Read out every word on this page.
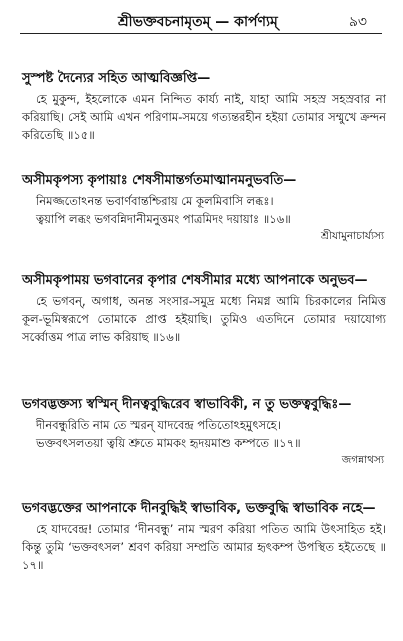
শ্রীভক্তবচনামৃতম্ — কার্পণ্যম্	৯৩
সুস্পষ্ট দৈন্যের সহিত আত্মবিজ্ঞপ্তি—

হে মুকুন্দ, ইহলোকে এমন নিন্দিত কার্য্য নাই, যাহা আমি সহস্র সহস্রবার না করিয়াছি। সেই আমি এখন পরিণাম-সময়ে গত্যন্তরহীন হইয়া তোমার সম্মুখে ক্রন্দন করিতেছি ॥১৫॥

অসীমকৃপস্য কৃপায়াঃ শেষসীমান্তর্গতমাত্মানমনুভবতি—
নিমজ্জতোঽনন্ত ভবার্ণবান্তশ্চিরায় মে কূলমিবাসি লব্ধঃ।
ত্বয়াপি লব্ধং ভগবন্নিদানীমনুত্তমং পাত্রমিদং দয়ায়াঃ ॥১৬॥
শ্রীযামুনাচার্য্যস্য
অসীমকৃপাময় ভগবানের কৃপার শেষসীমার মধ্যে আপনাকে অনুভব—

হে ভগবন্, অগাধ, অনন্ত সংসার-সমুদ্র মধ্যে নিমগ্ন আমি চিরকালের নিমিত্ত কূল-ভূমিস্বরূপে তোমাকে প্রাপ্ত হইয়াছি। তুমিও এতদিনে তোমার দয়াযোগ্য সর্ব্বোত্তম পাত্র লাভ করিয়াছ ॥১৬॥

ভগবদ্ভক্তস্য স্বস্মিন্ দীনত্ববুদ্ধিরেব স্বাভাবিকী, ন তু ভক্তত্ববুদ্ধিঃ—
দীনবন্ধুরিতি নাম তে স্মরন্ যাদবেন্দ্র পতিতোঽহমুৎসহে।
ভক্তবৎসলতয়া ত্বয়ি শ্রুতে মামকং হৃদয়মাশু কম্পতে ॥১৭॥
জগন্নাথস্য
ভগবদ্ভক্তের আপনাকে দীনবুদ্ধিই স্বাভাবিক, ভক্তবুদ্ধি স্বাভাবিক নহে—

হে যাদবেন্দ্র! তোমার ‘দীনবন্ধু’ নাম স্মরণ করিয়া পতিত আমি উৎসাহিত হই। কিন্তু তুমি ‘ভক্তবৎসল’ শ্রবণ করিয়া সম্প্রতি আমার হৃৎকম্প উপস্থিত হইতেছে ॥১৭॥
